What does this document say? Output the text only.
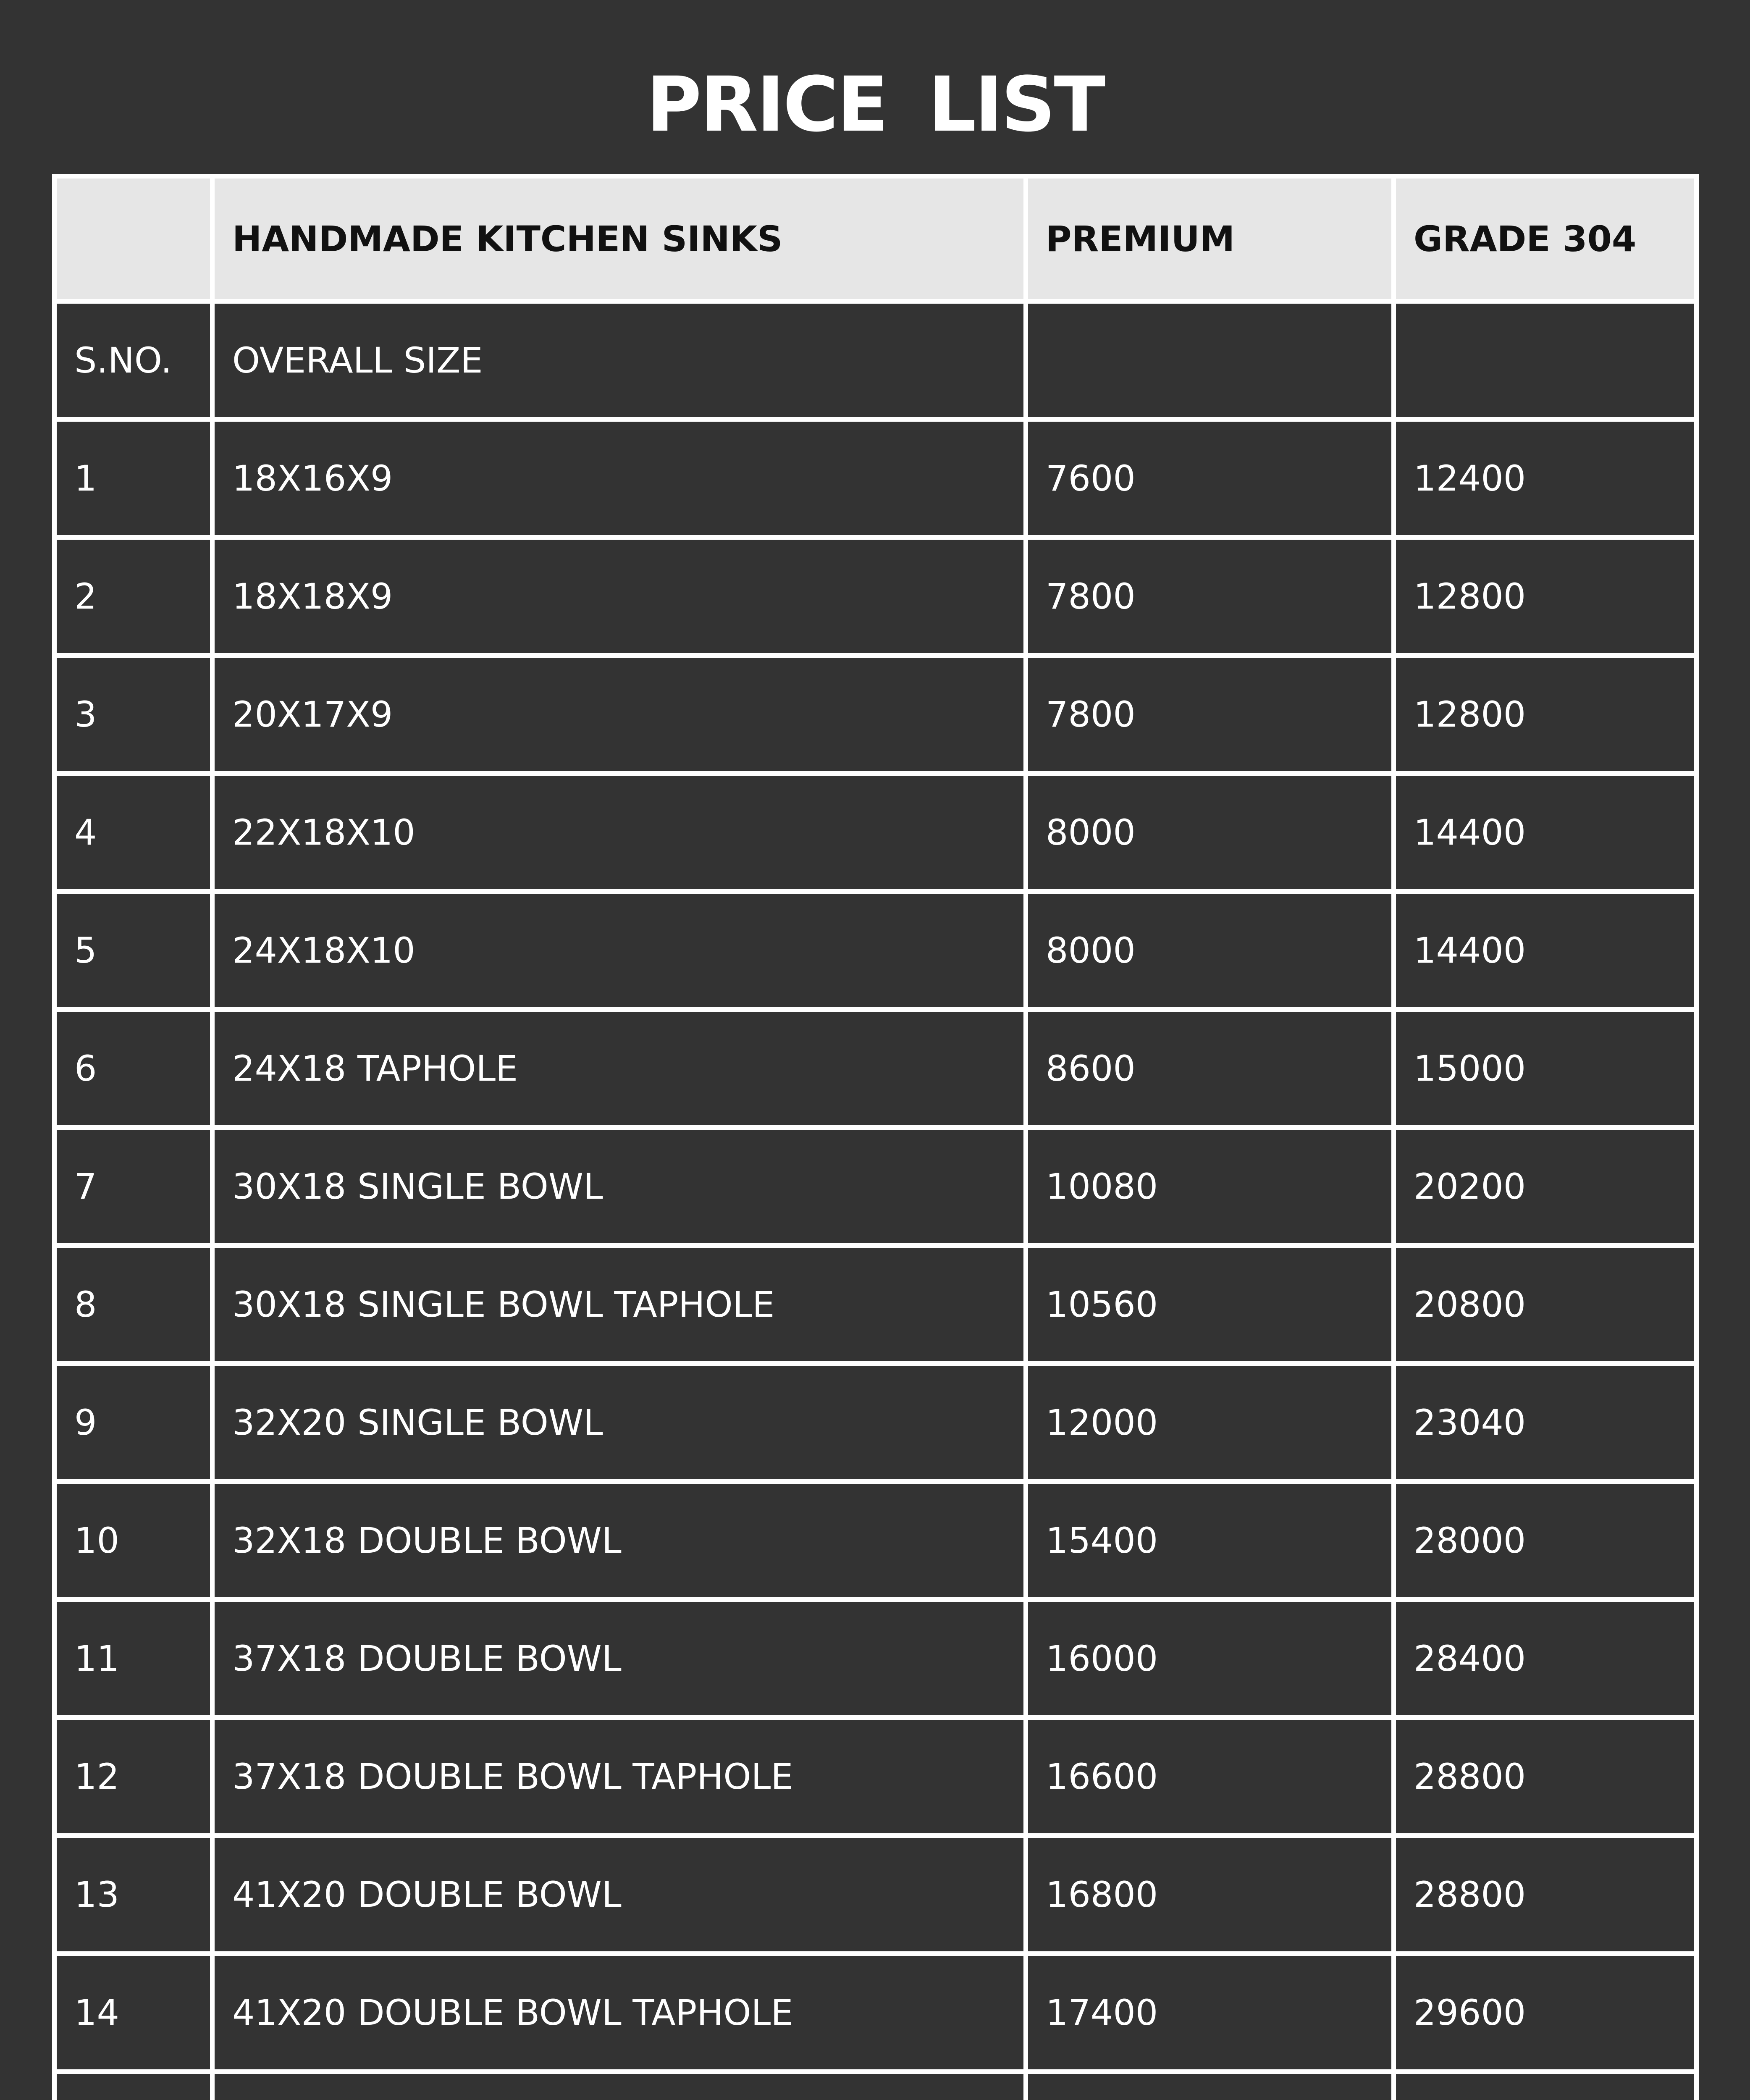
PRICE LIST
	HANDMADE KITCHEN SINKS	PREMIUM	GRADE 304
S.NO.	OVERALL SIZE		
1	18X16X9	7600	12400
2	18X18X9	7800	12800
3	20X17X9	7800	12800
4	22X18X10	8000	14400
5	24X18X10	8000	14400
6	24X18 TAPHOLE	8600	15000
7	30X18 SINGLE BOWL	10080	20200
8	30X18 SINGLE BOWL TAPHOLE	10560	20800
9	32X20 SINGLE BOWL	12000	23040
10	32X18 DOUBLE BOWL	15400	28000
11	37X18 DOUBLE BOWL	16000	28400
12	37X18 DOUBLE BOWL TAPHOLE	16600	28800
13	41X20 DOUBLE BOWL	16800	28800
14	41X20 DOUBLE BOWL TAPHOLE	17400	29600
